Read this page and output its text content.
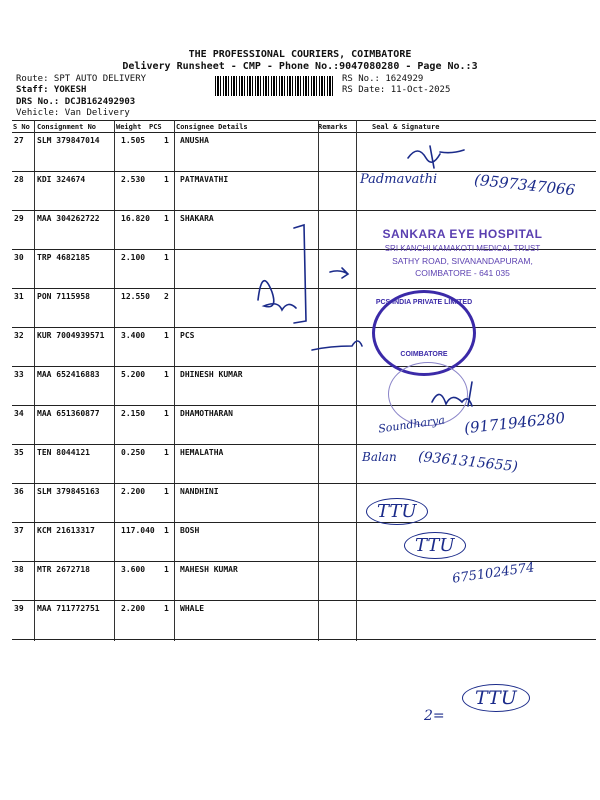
THE PROFESSIONAL COURIERS, COIMBATORE
Delivery Runsheet - CMP - Phone No.:9047080280 - Page No.:3
Route: SPT AUTO DELIVERY
Staff: YOKESH
DRS No.: DCJB162492903
Vehicle: Van Delivery
RS No.: 1624929
RS Date: 11-Oct-2025
S No Consignment No	Weight PCS Consignee Details	Remarks	Seal & Signature
27 SLM 379847014	1.505 1 ANUSHA
28 KDI 324674	2.530 1 PATMAVATHI
29 MAA 304262722	16.820 1 SHAKARA
30 TRP 4682185	2.100 1
31 PON 7115958	12.550 2
32 KUR 7004939571 3.400 1 PCS
33 MAA 652416883	5.200 1 DHINESH KUMAR
34 MAA 651360877	2.150 1 DHAMOTHARAN
35 TEN 8044121	0.250 1 HEMALATHA
36 SLM 379845163	2.200 1 NANDHINI
37 KCM 21613317	117.040 1 BOSH
38 MTR 2672718	3.600 1 MAHESH KUMAR
39 MAA 711772751	2.200 1 WHALE
SANKARA EYE HOSPITAL
SRI KANCHI KAMAKOTI MEDICAL TRUST
SATHY ROAD, SIVANANDAPURAM,
COIMBATORE - 641 035
PCS INDIA PRIVATE LIMITED
COIMBATORE
Padmavathi (9597347066
Soundharya (9171946280
Balan (9361315655)
TTU
TTU
6751024574
2=
TTU
